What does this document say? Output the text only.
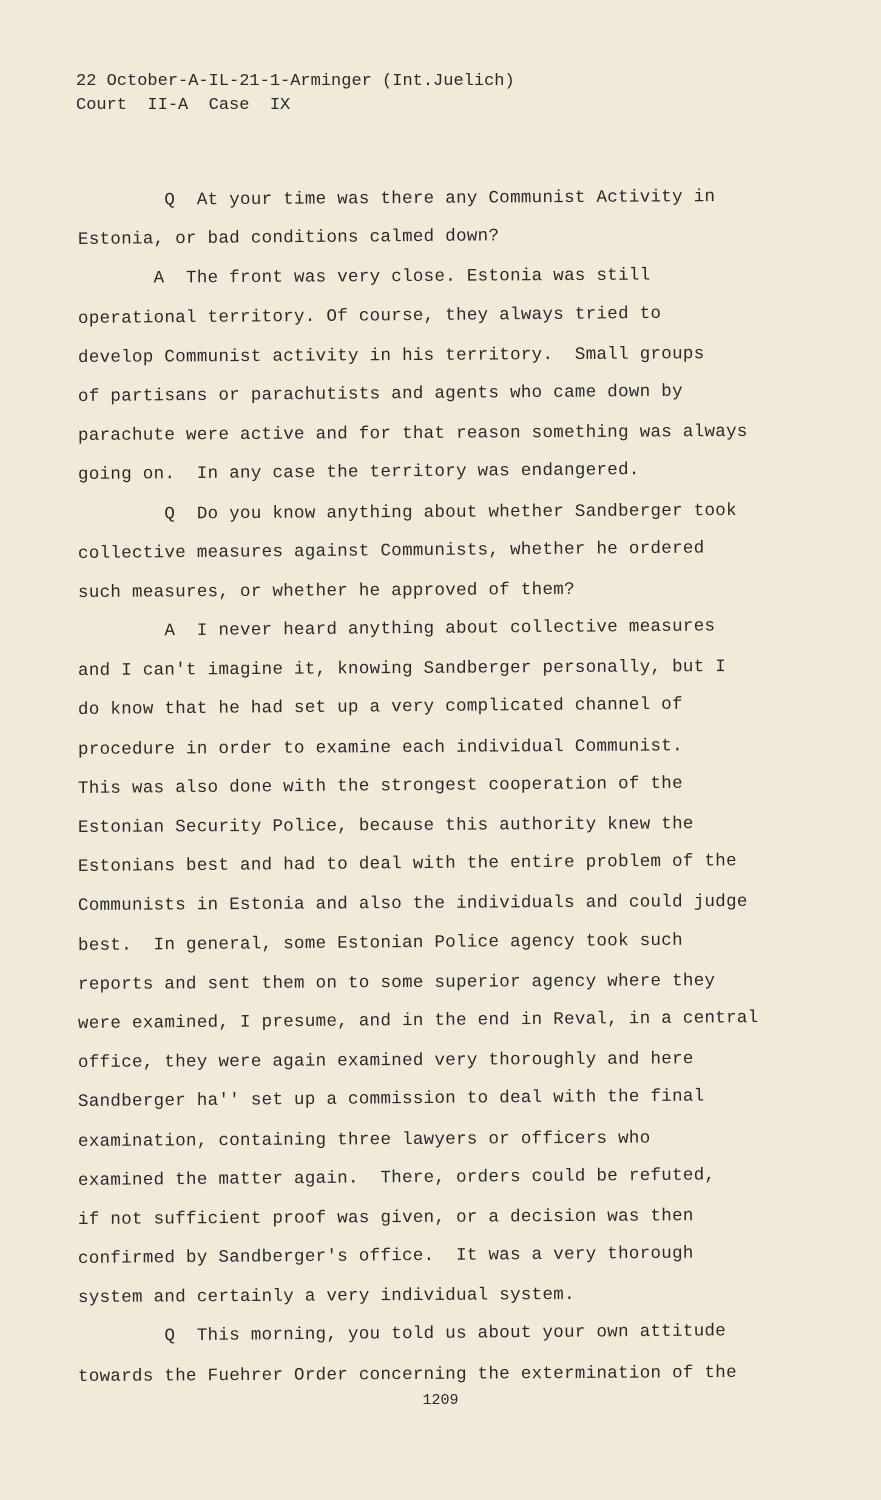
22 October-A-IL-21-1-Arminger (Int.Juelich)
Court  II-A  Case  IX
Q  At your time was there any Communist Activity in
Estonia, or bad conditions calmed down?
A  The front was very close. Estonia was still
operational territory. Of course, they always tried to
develop Communist activity in his territory.  Small groups
of partisans or parachutists and agents who came down by
parachute were active and for that reason something was always
going on.  In any case the territory was endangered.
Q  Do you know anything about whether Sandberger took
collective measures against Communists, whether he ordered
such measures, or whether he approved of them?
A  I never heard anything about collective measures
and I can't imagine it, knowing Sandberger personally, but I
do know that he had set up a very complicated channel of
procedure in order to examine each individual Communist.
This was also done with the strongest cooperation of the
Estonian Security Police, because this authority knew the
Estonians best and had to deal with the entire problem of the
Communists in Estonia and also the individuals and could judge
best.  In general, some Estonian Police agency took such
reports and sent them on to some superior agency where they
were examined, I presume, and in the end in Reval, in a central
office, they were again examined very thoroughly and here
Sandberger ha'' set up a commission to deal with the final
examination, containing three lawyers or officers who
examined the matter again.  There, orders could be refuted,
if not sufficient proof was given, or a decision was then
confirmed by Sandberger's office.  It was a very thorough
system and certainly a very individual system.
Q  This morning, you told us about your own attitude
towards the Fuehrer Order concerning the extermination of the
1209
